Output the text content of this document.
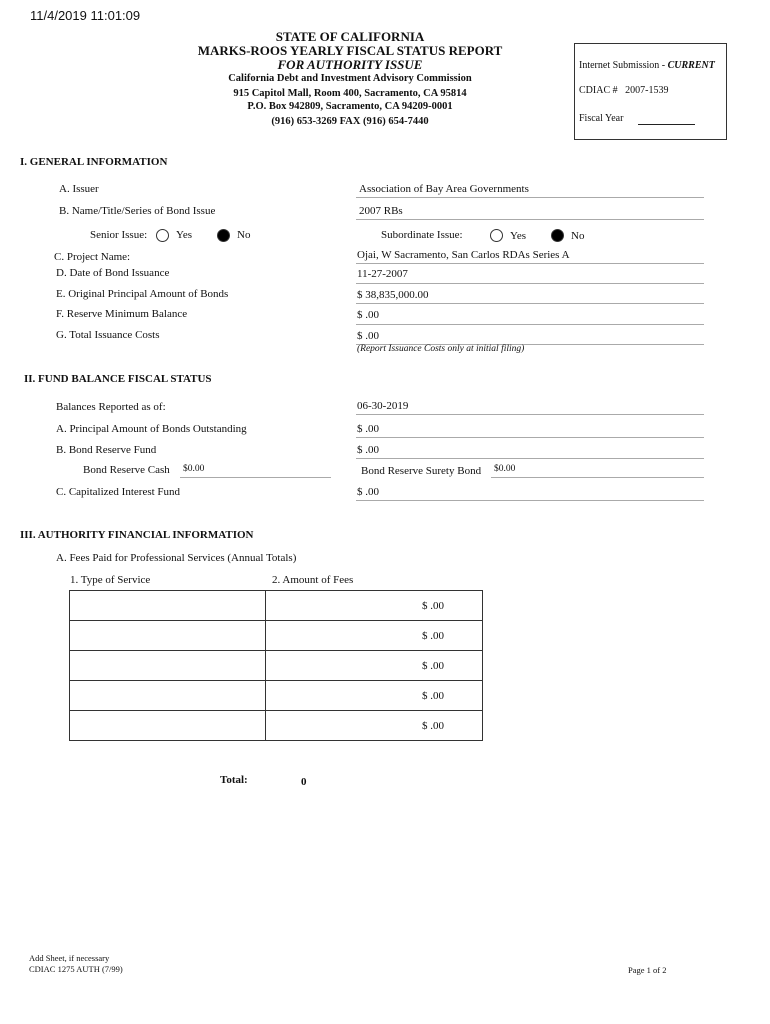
11/4/2019 11:01:09
STATE OF CALIFORNIA
MARKS-ROOS YEARLY FISCAL STATUS REPORT
FOR AUTHORITY ISSUE
California Debt and Investment Advisory Commission
915 Capitol Mall, Room 400, Sacramento, CA 95814
P.O. Box 942809, Sacramento, CA 94209-0001
(916) 653-3269 FAX (916) 654-7440
Internet Submission - CURRENT
CDIAC # 2007-1539
Fiscal Year
I. GENERAL INFORMATION
A. Issuer	Association of Bay Area Governments
B. Name/Title/Series of Bond Issue	2007 RBs
Senior Issue:	Yes	No	Subordinate Issue:	Yes	No
C. Project Name:	Ojai, W Sacramento, San Carlos RDAs Series A
D. Date of Bond Issuance	11-27-2007
E. Original Principal Amount of Bonds	$ 38,835,000.00
F. Reserve Minimum Balance	$ .00
G. Total Issuance Costs	$ .00
(Report Issuance Costs only at initial filing)
II. FUND BALANCE FISCAL STATUS
Balances Reported as of:	06-30-2019
A. Principal Amount of Bonds Outstanding	$ .00
B. Bond Reserve Fund	$ .00
Bond Reserve Cash $0.00	Bond Reserve Surety Bond $0.00
C. Capitalized Interest Fund	$ .00
III. AUTHORITY FINANCIAL INFORMATION
A. Fees Paid for Professional Services (Annual Totals)
1. Type of Service	2. Amount of Fees
	$ .00
	$ .00
	$ .00
	$ .00
	$ .00
Total:	0
Add Sheet, if necessary
CDIAC 1275 AUTH (7/99)	Page 1 of 2
